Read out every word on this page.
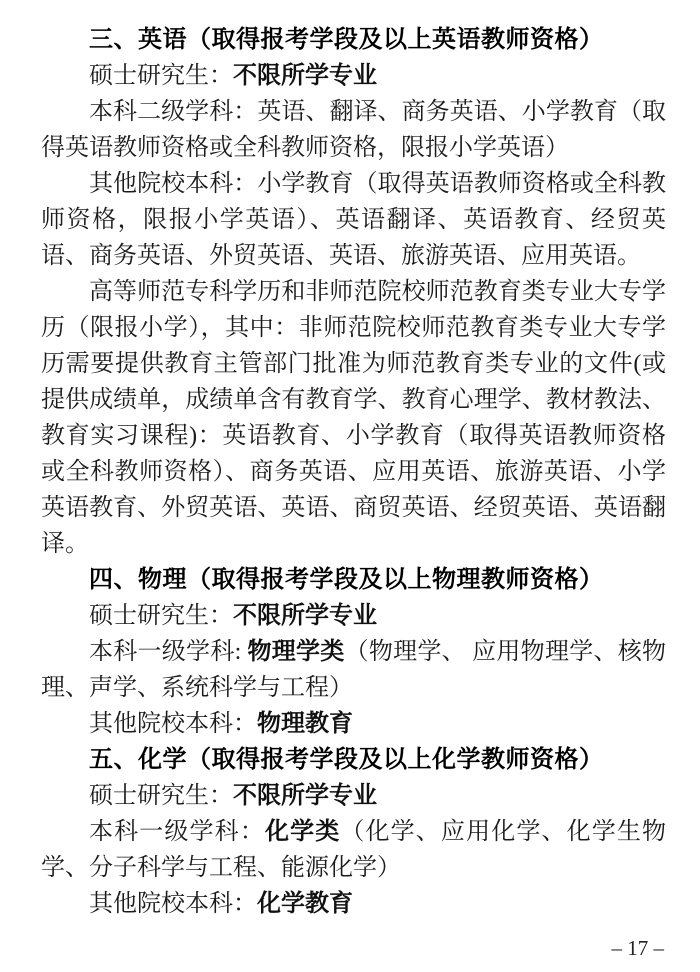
三、英语（取得报考学段及以上英语教师资格）

硕士研究生：不限所学专业

本科二级学科：英语、翻译、商务英语、小学教育（取得英语教师资格或全科教师资格，限报小学英语）

其他院校本科：小学教育（取得英语教师资格或全科教师资格，限报小学英语）、英语翻译、英语教育、经贸英语、商务英语、外贸英语、英语、旅游英语、应用英语。

高等师范专科学历和非师范院校师范教育类专业大专学历（限报小学），其中：非师范院校师范教育类专业大专学历需要提供教育主管部门批准为师范教育类专业的文件(或提供成绩单，成绩单含有教育学、教育心理学、教材教法、教育实习课程)：英语教育、小学教育（取得英语教师资格或全科教师资格）、商务英语、应用英语、旅游英语、小学英语教育、外贸英语、英语、商贸英语、经贸英语、英语翻译。

四、物理（取得报考学段及以上物理教师资格）

硕士研究生：不限所学专业

本科一级学科: 物理学类（物理学、 应用物理学、核物理、声学、系统科学与工程）

其他院校本科：物理教育

五、化学（取得报考学段及以上化学教师资格）

硕士研究生：不限所学专业

本科一级学科：化学类（化学、应用化学、化学生物学、分子科学与工程、能源化学）

其他院校本科：化学教育

– 17 –
